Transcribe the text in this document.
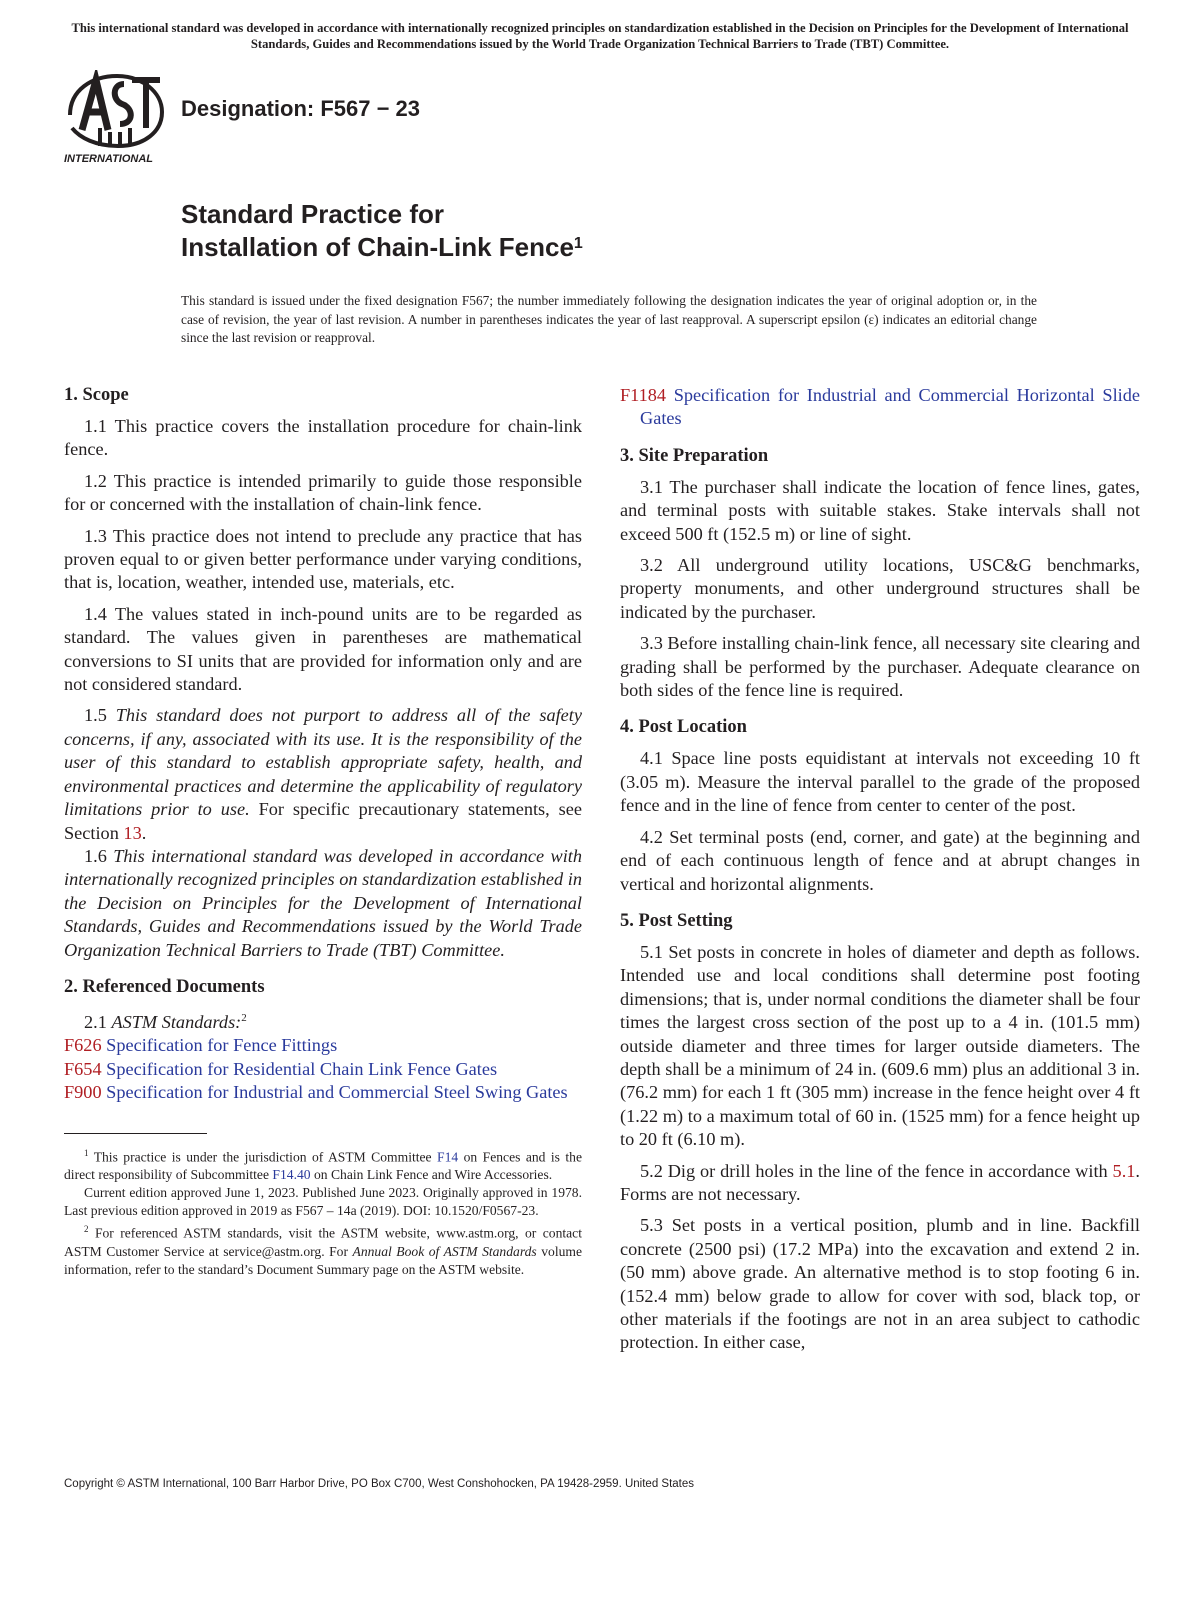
This international standard was developed in accordance with internationally recognized principles on standardization established in the Decision on Principles for the Development of International Standards, Guides and Recommendations issued by the World Trade Organization Technical Barriers to Trade (TBT) Committee.
INTERNATIONAL
Designation: F567 − 23
Standard Practice for
Installation of Chain-Link Fence$^1$
This standard is issued under the fixed designation F567; the number immediately following the designation indicates the year of original adoption or, in the case of revision, the year of last revision. A number in parentheses indicates the year of last reapproval. A superscript epsilon (ε) indicates an editorial change since the last revision or reapproval.
1. Scope

1.1 This practice covers the installation procedure for chain-link fence.

1.2 This practice is intended primarily to guide those responsible for or concerned with the installation of chain-link fence.

1.3 This practice does not intend to preclude any practice that has proven equal to or given better performance under varying conditions, that is, location, weather, intended use, materials, etc.

1.4 The values stated in inch-pound units are to be regarded as standard. The values given in parentheses are mathematical conversions to SI units that are provided for information only and are not considered standard.

1.5 This standard does not purport to address all of the safety concerns, if any, associated with its use. It is the responsibility of the user of this standard to establish appropriate safety, health, and environmental practices and determine the applicability of regulatory limitations prior to use. For specific precautionary statements, see Section 13.

1.6 This international standard was developed in accordance with internationally recognized principles on standardization established in the Decision on Principles for the Development of International Standards, Guides and Recommendations issued by the World Trade Organization Technical Barriers to Trade (TBT) Committee.

2. Referenced Documents

2.1 ASTM Standards:$^2$

F626 Specification for Fence Fittings

F654 Specification for Residential Chain Link Fence Gates

F900 Specification for Industrial and Commercial Steel Swing Gates

$^1$ This practice is under the jurisdiction of ASTM Committee F14 on Fences and is the direct responsibility of Subcommittee F14.40 on Chain Link Fence and Wire Accessories.

Current edition approved June 1, 2023. Published June 2023. Originally approved in 1978. Last previous edition approved in 2019 as F567 – 14a (2019). DOI: 10.1520/F0567-23.

$^2$ For referenced ASTM standards, visit the ASTM website, www.astm.org, or contact ASTM Customer Service at service@astm.org. For Annual Book of ASTM Standards volume information, refer to the standard’s Document Summary page on the ASTM website.

F1184 Specification for Industrial and Commercial Horizontal Slide Gates

3. Site Preparation

3.1 The purchaser shall indicate the location of fence lines, gates, and terminal posts with suitable stakes. Stake intervals shall not exceed 500 ft (152.5 m) or line of sight.

3.2 All underground utility locations, USC&G benchmarks, property monuments, and other underground structures shall be indicated by the purchaser.

3.3 Before installing chain-link fence, all necessary site clearing and grading shall be performed by the purchaser. Adequate clearance on both sides of the fence line is required.

4. Post Location

4.1 Space line posts equidistant at intervals not exceeding 10 ft (3.05 m). Measure the interval parallel to the grade of the proposed fence and in the line of fence from center to center of the post.

4.2 Set terminal posts (end, corner, and gate) at the beginning and end of each continuous length of fence and at abrupt changes in vertical and horizontal alignments.

5. Post Setting

5.1 Set posts in concrete in holes of diameter and depth as follows. Intended use and local conditions shall determine post footing dimensions; that is, under normal conditions the diameter shall be four times the largest cross section of the post up to a 4 in. (101.5 mm) outside diameter and three times for larger outside diameters. The depth shall be a minimum of 24 in. (609.6 mm) plus an additional 3 in. (76.2 mm) for each 1 ft (305 mm) increase in the fence height over 4 ft (1.22 m) to a maximum total of 60 in. (1525 mm) for a fence height up to 20 ft (6.10 m).

5.2 Dig or drill holes in the line of the fence in accordance with 5.1. Forms are not necessary.

5.3 Set posts in a vertical position, plumb and in line. Backfill concrete (2500 psi) (17.2 MPa) into the excavation and extend 2 in. (50 mm) above grade. An alternative method is to stop footing 6 in. (152.4 mm) below grade to allow for cover with sod, black top, or other materials if the footings are not in an area subject to cathodic protection. In either case,

Copyright © ASTM International, 100 Barr Harbor Drive, PO Box C700, West Conshohocken, PA 19428-2959. United States
